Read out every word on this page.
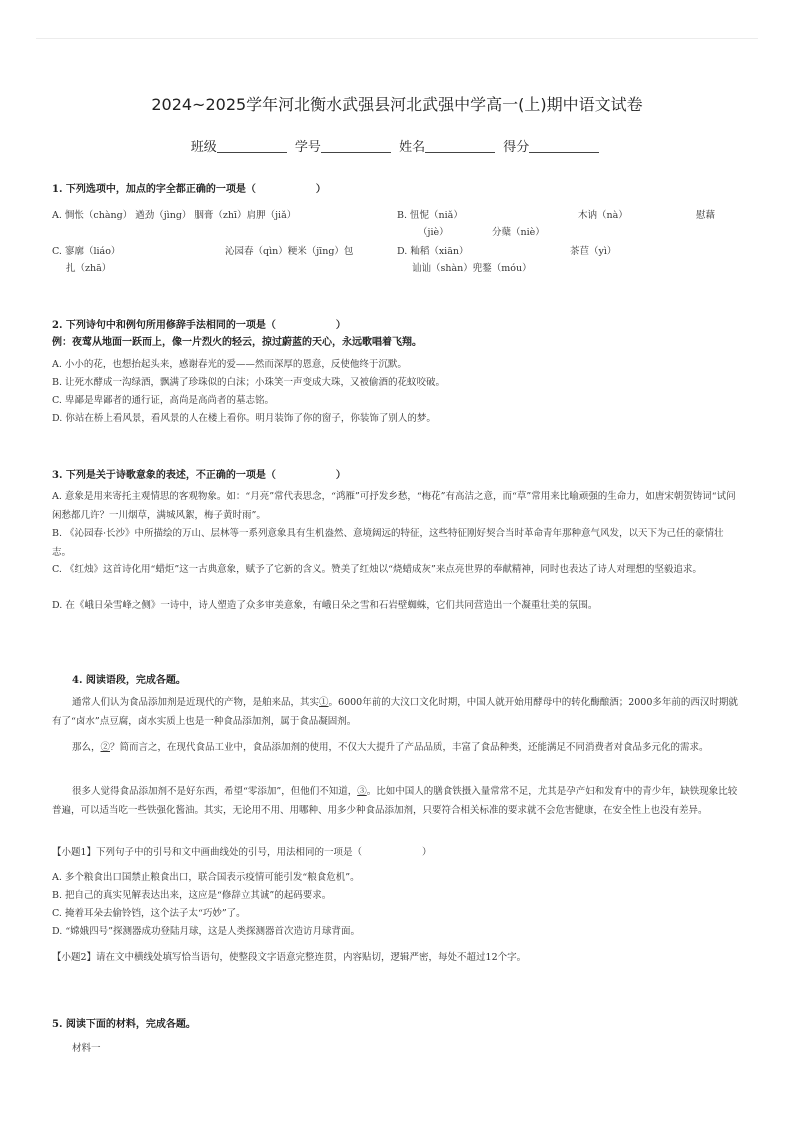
2024~2025学年河北衡水武强县河北武强中学高一(上)期中语文试卷
班级	学号	姓名	得分
1. 下列选项中，加点的字全都正确的一项是（	）
A. 惆怅（chàng） 遒劲（jìng） 胭膏（zhī）肩胛（jiǎ）	B. 忸怩（niǎ）	木讷（nà）	慰藉
（jiè）	分蘖（niè）
C. 寥廓（liáo）	沁园春（qìn）粳米（jīng）包
扎（zhā）
D. 籼稻（xiān）	茶苣（yì）
讪讪（shàn）兜鍪（móu）
2. 下列诗句中和例句所用修辞手法相同的一项是（	）
例：夜莺从地面一跃而上，像一片烈火的轻云，掠过蔚蓝的天心，永远歌唱着飞翔。
A. 小小的花，也想抬起头来，感谢春光的爱——然而深厚的恩意，反使他终于沉默。
B. 让死水酵成一沟绿酒，飘满了珍珠似的白沫；小珠笑一声变成大珠，又被偷酒的花蚊咬破。
C. 卑鄙是卑鄙者的通行证，高尚是高尚者的墓志铭。
D. 你站在桥上看风景，看风景的人在楼上看你。明月装饰了你的窗子，你装饰了别人的梦。
3. 下列是关于诗歌意象的表述，不正确的一项是（	）
A. 意象是用来寄托主观情思的客观物象。如：“月亮”常代表思念，“鸿雁”可抒发乡愁，“梅花”有高洁之意，而“草”常用来比喻顽强的生命力，如唐宋朝贺铸词“试问闲愁都几许？一川烟草，满城风絮，梅子黄时雨”。
B. 《沁园春·长沙》中所描绘的万山、层林等一系列意象具有生机盎然、意境阔远的特征，这些特征刚好契合当时革命青年那种意气风发，以天下为己任的豪情壮志。
C. 《红烛》这首诗化用“蜡炬”这一古典意象，赋予了它新的含义。赞美了红烛以“烧蜡成灰”来点亮世界的奉献精神，同时也表达了诗人对理想的坚毅追求。
D. 在《峨日朵雪峰之侧》一诗中，诗人塑造了众多审美意象，有峨日朵之雪和石岩壁蜘蛛，它们共同营造出一个凝重壮美的氛围。
4. 阅读语段，完成各题。
通常人们认为食品添加剂是近现代的产物，是舶来品，其实①。6000年前的大汶口文化时期，中国人就开始用酵母中的转化酶酿酒；2000多年前的西汉时期就有了“卤水”点豆腐，卤水实质上也是一种食品添加剂，属于食品凝固剂。
那么，②？简而言之，在现代食品工业中，食品添加剂的使用，不仅大大提升了产品品质，丰富了食品种类，还能满足不同消费者对食品多元化的需求。
很多人觉得食品添加剂不是好东西，希望“零添加”，但他们不知道，③。比如中国人的膳食铁摄入量常常不足，尤其是孕产妇和发育中的青少年，缺铁现象比较普遍，可以适当吃一些铁强化酱油。其实，无论用不用、用哪种、用多少种食品添加剂，只要符合相关标准的要求就不会危害健康，在安全性上也没有差异。
【小题1】下列句子中的引号和文中画曲线处的引号，用法相同的一项是（	）
A. 多个粮食出口国禁止粮食出口，联合国表示疫情可能引发“粮食危机”。
B. 把自己的真实见解表达出来，这应是“修辞立其诚”的起码要求。
C. 掩着耳朵去偷铃铛，这个法子太“巧妙”了。
D. “嫦娥四号”探测器成功登陆月球，这是人类探测器首次造访月球背面。
【小题2】请在文中横线处填写恰当语句，使整段文字语意完整连贯，内容贴切，逻辑严密，每处不超过12个字。
5. 阅读下面的材料，完成各题。
材料一
